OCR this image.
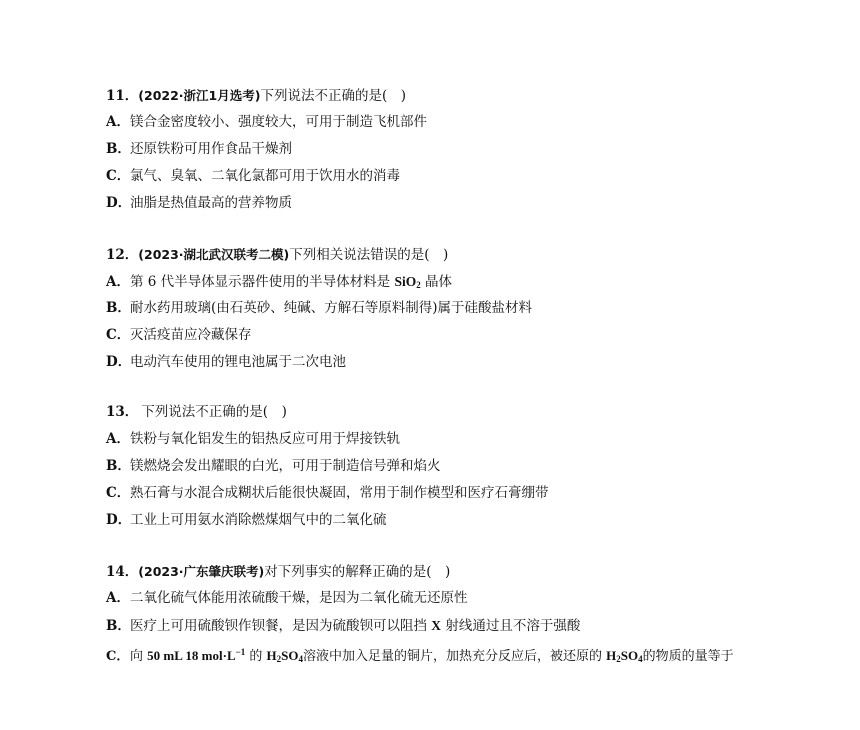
11．(2022·浙江1月选考)下列说法不正确的是(　)
A．镁合金密度较小、强度较大，可用于制造飞机部件
B．还原铁粉可用作食品干燥剂
C．氯气、臭氧、二氧化氯都可用于饮用水的消毒
D．油脂是热值最高的营养物质
12．(2023·湖北武汉联考二模)下列相关说法错误的是(　)
A．第 6 代半导体显示器件使用的半导体材料是 SiO$_2$ 晶体
B．耐水药用玻璃(由石英砂、纯碱、方解石等原料制得)属于硅酸盐材料
C．灭活疫苗应冷藏保存
D．电动汽车使用的锂电池属于二次电池
13． 下列说法不正确的是(　)
A．铁粉与氧化铝发生的铝热反应可用于焊接铁轨
B．镁燃烧会发出耀眼的白光，可用于制造信号弹和焰火
C．熟石膏与水混合成糊状后能很快凝固，常用于制作模型和医疗石膏绷带
D．工业上可用氨水消除燃煤烟气中的二氧化硫
14．(2023·广东肇庆联考)对下列事实的解释正确的是(　)
A．二氧化硫气体能用浓硫酸干燥，是因为二氧化硫无还原性
B．医疗上可用硫酸钡作钡餐，是因为硫酸钡可以阻挡 X 射线通过且不溶于强酸
C．向 50 mL 18 $mol\cdot L^{-1}$ 的 $H_2SO_4$溶液中加入足量的铜片，加热充分反应后，被还原的 $H_2SO_4$的物质的量等于
